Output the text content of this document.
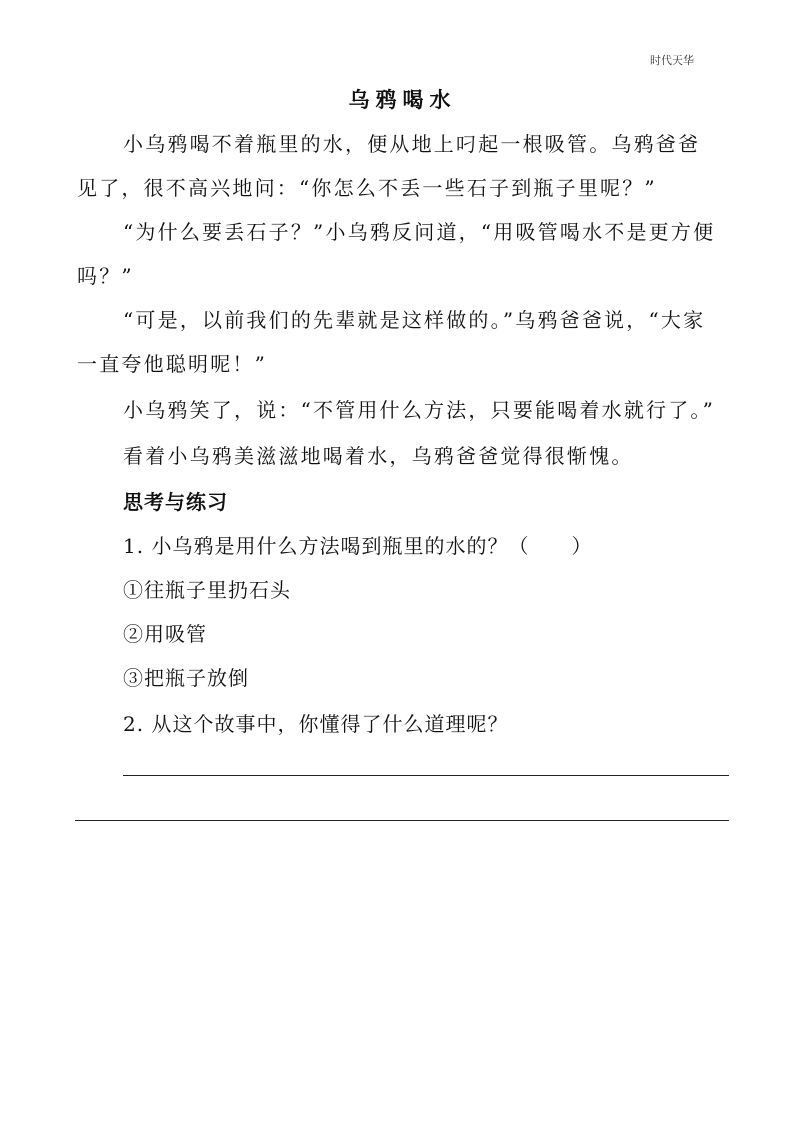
时代天华
乌鸦喝水
小乌鸦喝不着瓶里的水，便从地上叼起一根吸管。乌鸦爸爸
见了，很不高兴地问：“你怎么不丢一些石子到瓶子里呢？”
“为什么要丢石子？”小乌鸦反问道，“用吸管喝水不是更方便
吗？”
“可是，以前我们的先辈就是这样做的。”乌鸦爸爸说，“大家
一直夸他聪明呢！”
小乌鸦笑了，说：“不管用什么方法，只要能喝着水就行了。”
看着小乌鸦美滋滋地喝着水，乌鸦爸爸觉得很惭愧。
思考与练习
1. 小乌鸦是用什么方法喝到瓶里的水的？（　　）
①往瓶子里扔石头
②用吸管
③把瓶子放倒
2. 从这个故事中，你懂得了什么道理呢？
